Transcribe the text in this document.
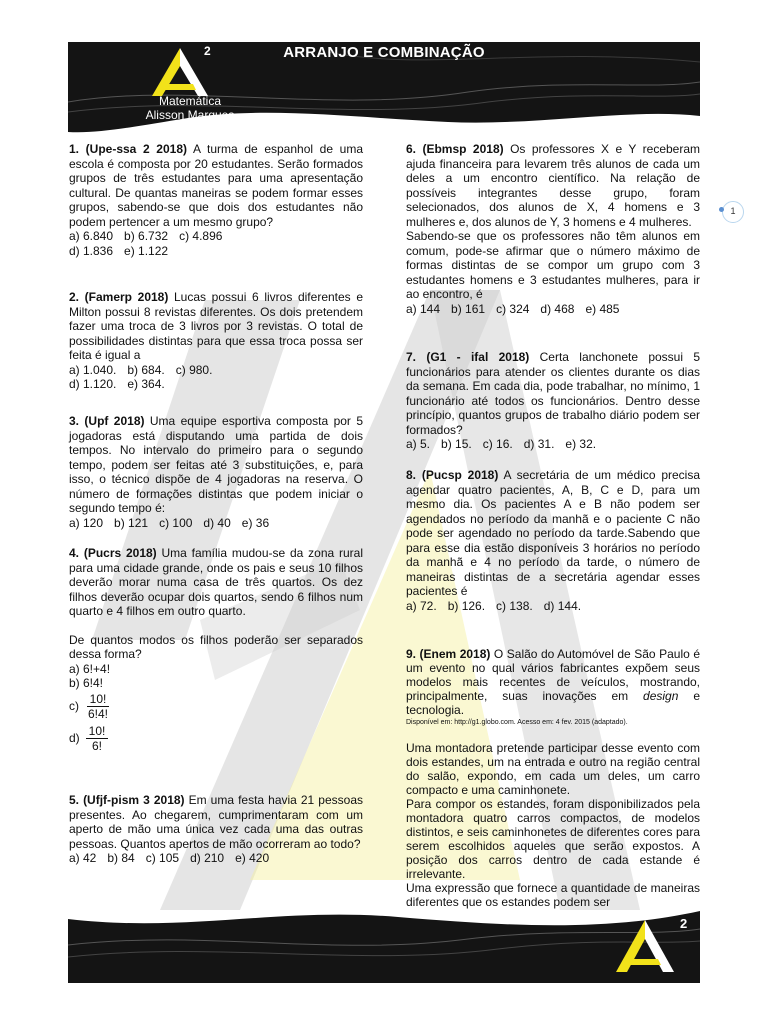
ARRANJO E COMBINAÇÃO
2
Matemática
Alisson Marques
1

1. (Upe-ssa 2 2018) A turma de espanhol de uma escola é composta por 20 estudantes. Serão formados grupos de três estudantes para uma apresentação cultural. De quantas maneiras se podem formar esses grupos, sabendo-se que dois dos estudantes não podem pertencer a um mesmo grupo?

a) 6.840 b) 6.732 c) 4.896

d) 1.836 e) 1.122

2. (Famerp 2018) Lucas possui 6 livros diferentes e Milton possui 8 revistas diferentes. Os dois pretendem fazer uma troca de 3 livros por 3 revistas. O total de possibilidades distintas para que essa troca possa ser feita é igual a

a) 1.040. b) 684. c) 980.

d) 1.120. e) 364.

3. (Upf 2018) Uma equipe esportiva composta por 5 jogadoras está disputando uma partida de dois tempos. No intervalo do primeiro para o segundo tempo, podem ser feitas até 3 substituições, e, para isso, o técnico dispõe de 4 jogadoras na reserva. O número de formações distintas que podem iniciar o segundo tempo é:

a) 120 b) 121 c) 100 d) 40 e) 36

4. (Pucrs 2018) Uma família mudou-se da zona rural para uma cidade grande, onde os pais e seus 10 filhos deverão morar numa casa de três quartos. Os dez filhos deverão ocupar dois quartos, sendo 6 filhos num quarto e 4 filhos em outro quarto.

De quantos modos os filhos poderão ser separados dessa forma?

a) 6!+4!
b) 6!4!
$c) \frac{10!}{6!4!}$
$d) \frac{10!}{6!}$

5. (Ufjf-pism 3 2018) Em uma festa havia 21 pessoas presentes. Ao chegarem, cumprimentaram com um aperto de mão uma única vez cada uma das outras pessoas. Quantos apertos de mão ocorreram ao todo?

a) 42 b) 84 c) 105 d) 210 e) 420

6. (Ebmsp 2018) Os professores X e Y receberam ajuda financeira para levarem três alunos de cada um deles a um encontro científico. Na relação de possíveis integrantes desse grupo, foram selecionados, dos alunos de X, 4 homens e 3 mulheres e, dos alunos de Y, 3 homens e 4 mulheres.

Sabendo-se que os professores não têm alunos em comum, pode-se afirmar que o número máximo de formas distintas de se compor um grupo com 3 estudantes homens e 3 estudantes mulheres, para ir ao encontro, é

a) 144 b) 161 c) 324 d) 468 e) 485

7. (G1 - ifal 2018) Certa lanchonete possui 5 funcionários para atender os clientes durante os dias da semana. Em cada dia, pode trabalhar, no mínimo, 1 funcionário até todos os funcionários. Dentro desse princípio, quantos grupos de trabalho diário podem ser formados?

a) 5. b) 15. c) 16. d) 31. e) 32.

8. (Pucsp 2018) A secretária de um médico precisa agendar quatro pacientes, A, B, C e D, para um mesmo dia. Os pacientes A e B não podem ser agendados no período da manhã e o paciente C não pode ser agendado no período da tarde.Sabendo que para esse dia estão disponíveis 3 horários no período da manhã e 4 no período da tarde, o número de maneiras distintas de a secretária agendar esses pacientes é

a) 72. b) 126. c) 138. d) 144.

9. (Enem 2018) O Salão do Automóvel de São Paulo é um evento no qual vários fabricantes expõem seus modelos mais recentes de veículos, mostrando, principalmente, suas inovações em design e tecnologia.

Disponível em: http://g1.globo.com. Acesso em: 4 fev. 2015 (adaptado).

Uma montadora pretende participar desse evento com dois estandes, um na entrada e outro na região central do salão, expondo, em cada um deles, um carro compacto e uma caminhonete.

Para compor os estandes, foram disponibilizados pela montadora quatro carros compactos, de modelos distintos, e seis caminhonetes de diferentes cores para serem escolhidos aqueles que serão expostos. A posição dos carros dentro de cada estande é irrelevante.

Uma expressão que fornece a quantidade de maneiras diferentes que os estandes podem ser

2
